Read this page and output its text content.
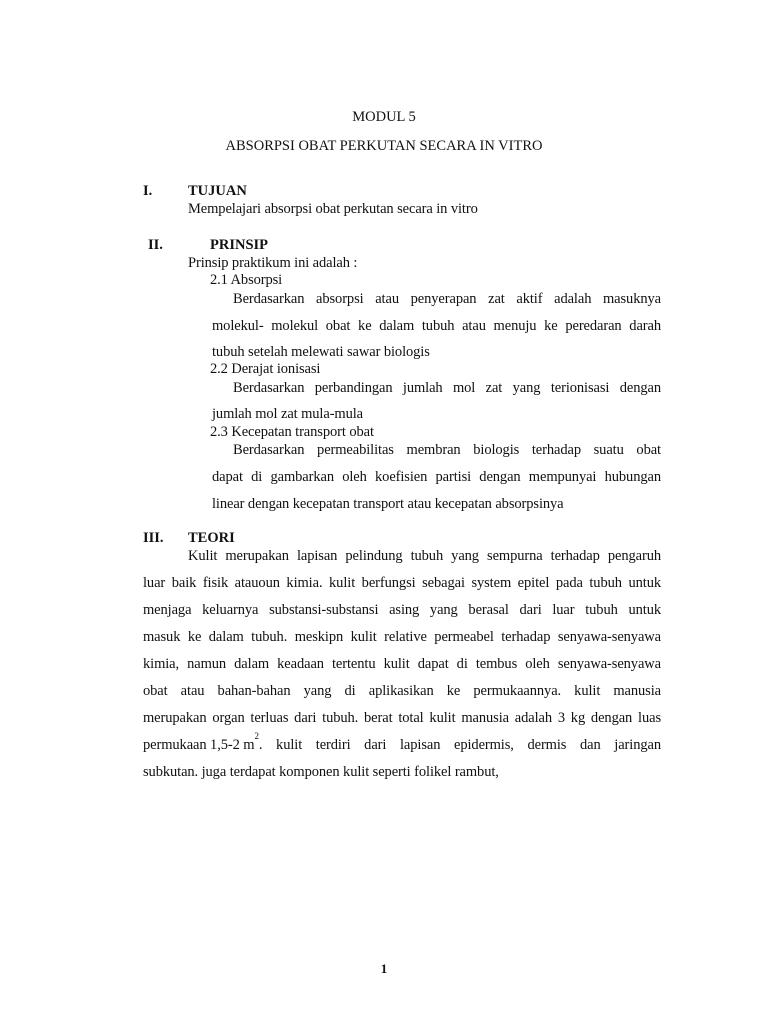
MODUL 5
ABSORPSI OBAT PERKUTAN SECARA IN VITRO
I. TUJUAN
Mempelajari absorpsi obat perkutan secara in vitro
II.	PRINSIP
Prinsip praktikum ini adalah :
2.1 Absorpsi
Berdasarkan absorpsi atau penyerapan zat aktif adalah masuknya
molekul- molekul obat ke dalam tubuh atau menuju ke peredaran darah
tubuh setelah melewati sawar biologis
2.2 Derajat ionisasi
Berdasarkan perbandingan jumlah mol zat yang terionisasi dengan
jumlah mol zat mula-mula
2.3 Kecepatan transport obat
Berdasarkan permeabilitas membran biologis terhadap suatu obat
dapat di gambarkan oleh koefisien partisi dengan mempunyai hubungan
linear dengan kecepatan transport atau kecepatan absorpsinya
III. TEORI
Kulit merupakan lapisan pelindung tubuh yang sempurna terhadap pengaruh
luar baik fisik atauoun kimia. kulit berfungsi sebagai system epitel pada tubuh untuk
menjaga keluarnya substansi-substansi asing yang berasal dari luar tubuh untuk
masuk ke dalam tubuh. meskipn kulit relative permeabel terhadap senyawa-senyawa
kimia, namun dalam keadaan tertentu kulit dapat di tembus oleh senyawa-senyawa
obat atau bahan-bahan yang di aplikasikan ke permukaannya. kulit manusia
merupakan organ terluas dari tubuh. berat total kulit manusia adalah 3 kg dengan luas
permukaan 1,5-2 m
2
. kulit terdiri dari lapisan epidermis, dermis dan jaringan
subkutan. juga terdapat komponen kulit seperti folikel rambut,
1
